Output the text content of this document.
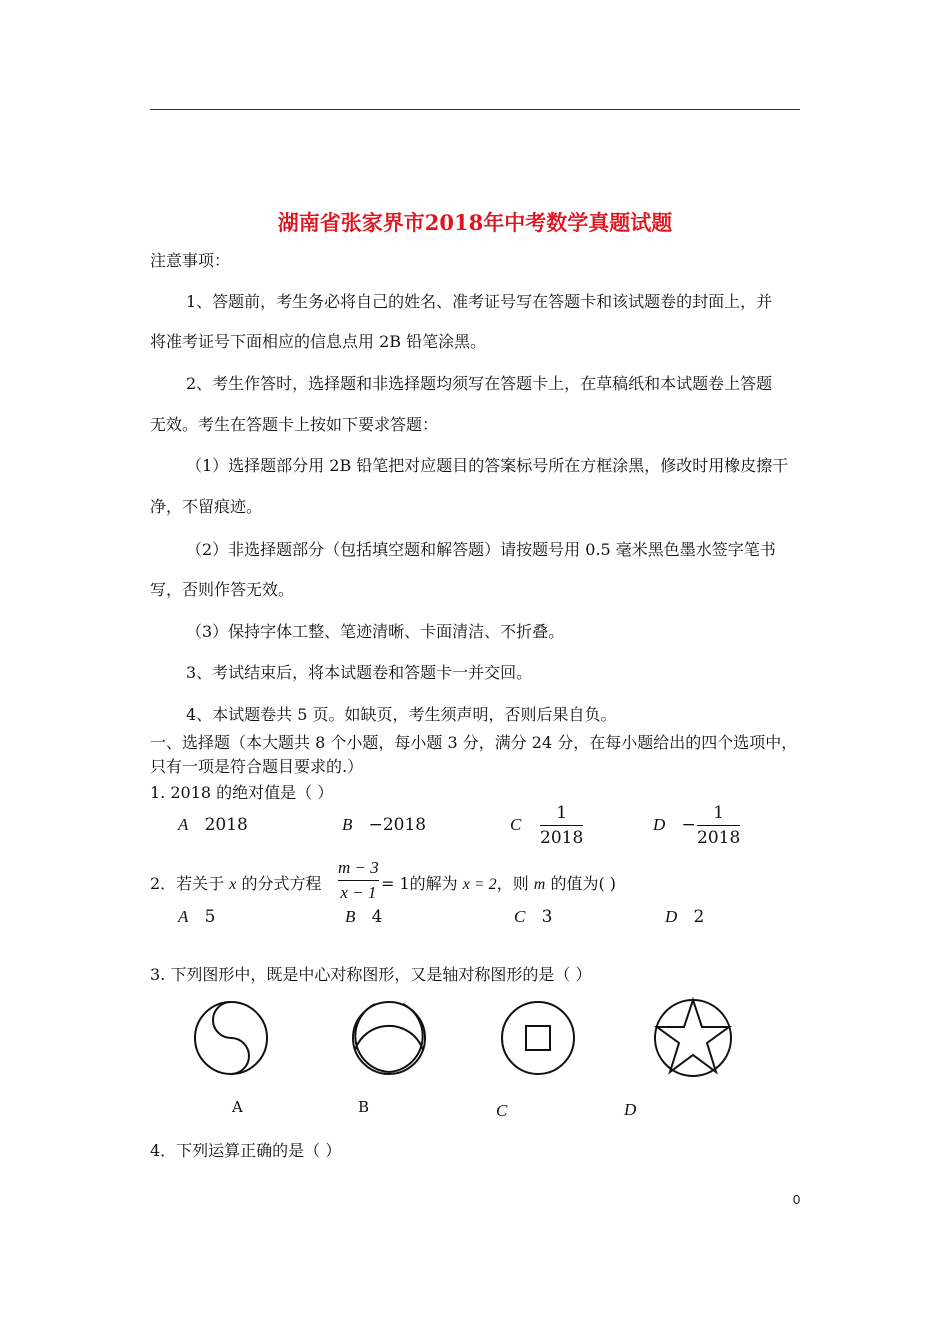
湖南省张家界市2018年中考数学真题试题
注意事项：
1、答题前，考生务必将自己的姓名、准考证号写在答题卡和该试题卷的封面上，并
将准考证号下面相应的信息点用 2B 铅笔涂黑。
2、考生作答时，选择题和非选择题均须写在答题卡上，在草稿纸和本试题卷上答题
无效。考生在答题卡上按如下要求答题：
（1）选择题部分用 2B 铅笔把对应题目的答案标号所在方框涂黑，修改时用橡皮擦干
净，不留痕迹。
（2）非选择题部分（包括填空题和解答题）请按题号用 0.5 毫米黑色墨水签字笔书
写，否则作答无效。
（3）保持字体工整、笔迹清晰、卡面清洁、不折叠。
3、考试结束后，将本试题卷和答题卡一并交回。
4、本试题卷共 5 页。如缺页，考生须声明，否则后果自负。
一、选择题（本大题共 8 个小题，每小题 3 分，满分 24 分，在每小题给出的四个选项中，
只有一项是符合题目要求的.）
1. 2018 的绝对值是（ ）
A 2018	B −2018	C
1
2018
D −
1
2018
2．若关于 x 的分式方程
m − 3
x − 1 = 1的解为 x = 2，则 m 的值为( )
A 5	B 4	C 3	D 2
3. 下列图形中，既是中心对称图形，又是轴对称图形的是（ ）
A	B	C	D
4．下列运算正确的是（ ）
0
